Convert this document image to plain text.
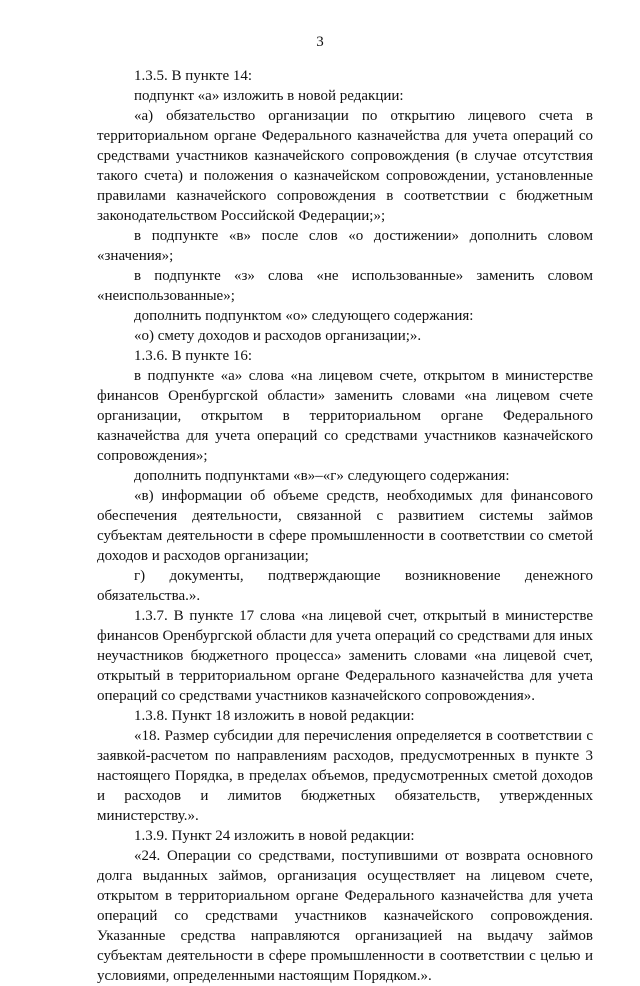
3

1.3.5. В пункте 14:

подпункт «а» изложить в новой редакции:

«а) обязательство организации по открытию лицевого счета в территориальном органе Федерального казначейства для учета операций со средствами участников казначейского сопровождения (в случае отсутствия такого счета) и положения о казначейском сопровождении, установленные правилами казначейского сопровождения в соответствии с бюджетным законодательством Российской Федерации;»;

в подпункте «в» после слов «о достижении» дополнить словом «значения»;

в подпункте «з» слова «не использованные» заменить словом «неиспользованные»;

дополнить подпунктом «о» следующего содержания:

«о) смету доходов и расходов организации;».

1.3.6. В пункте 16:

в подпункте «а» слова «на лицевом счете, открытом в министерстве финансов Оренбургской области» заменить словами «на лицевом счете организации, открытом в территориальном органе Федерального казначейства для учета операций со средствами участников казначейского сопровождения»;

дополнить подпунктами «в»–«г» следующего содержания:

«в) информации об объеме средств, необходимых для финансового обеспечения деятельности, связанной с развитием системы займов субъектам деятельности в сфере промышленности в соответствии со сметой доходов и расходов организации;

г) документы, подтверждающие возникновение денежного обязательства.».

1.3.7. В пункте 17 слова «на лицевой счет, открытый в министерстве финансов Оренбургской области для учета операций со средствами для иных неучастников бюджетного процесса» заменить словами «на лицевой счет, открытый в территориальном органе Федерального казначейства для учета операций со средствами участников казначейского сопровождения».

1.3.8. Пункт 18 изложить в новой редакции:

«18. Размер субсидии для перечисления определяется в соответствии с заявкой-расчетом по направлениям расходов, предусмотренных в пункте 3 настоящего Порядка, в пределах объемов, предусмотренных сметой доходов и расходов и лимитов бюджетных обязательств, утвержденных министерству.».

1.3.9. Пункт 24 изложить в новой редакции:

«24. Операции со средствами, поступившими от возврата основного долга выданных займов, организация осуществляет на лицевом счете, открытом в территориальном органе Федерального казначейства для учета операций со средствами участников казначейского сопровождения. Указанные средства направляются организацией на выдачу займов субъектам деятельности в сфере промышленности в соответствии с целью и условиями, определенными настоящим Порядком.».
